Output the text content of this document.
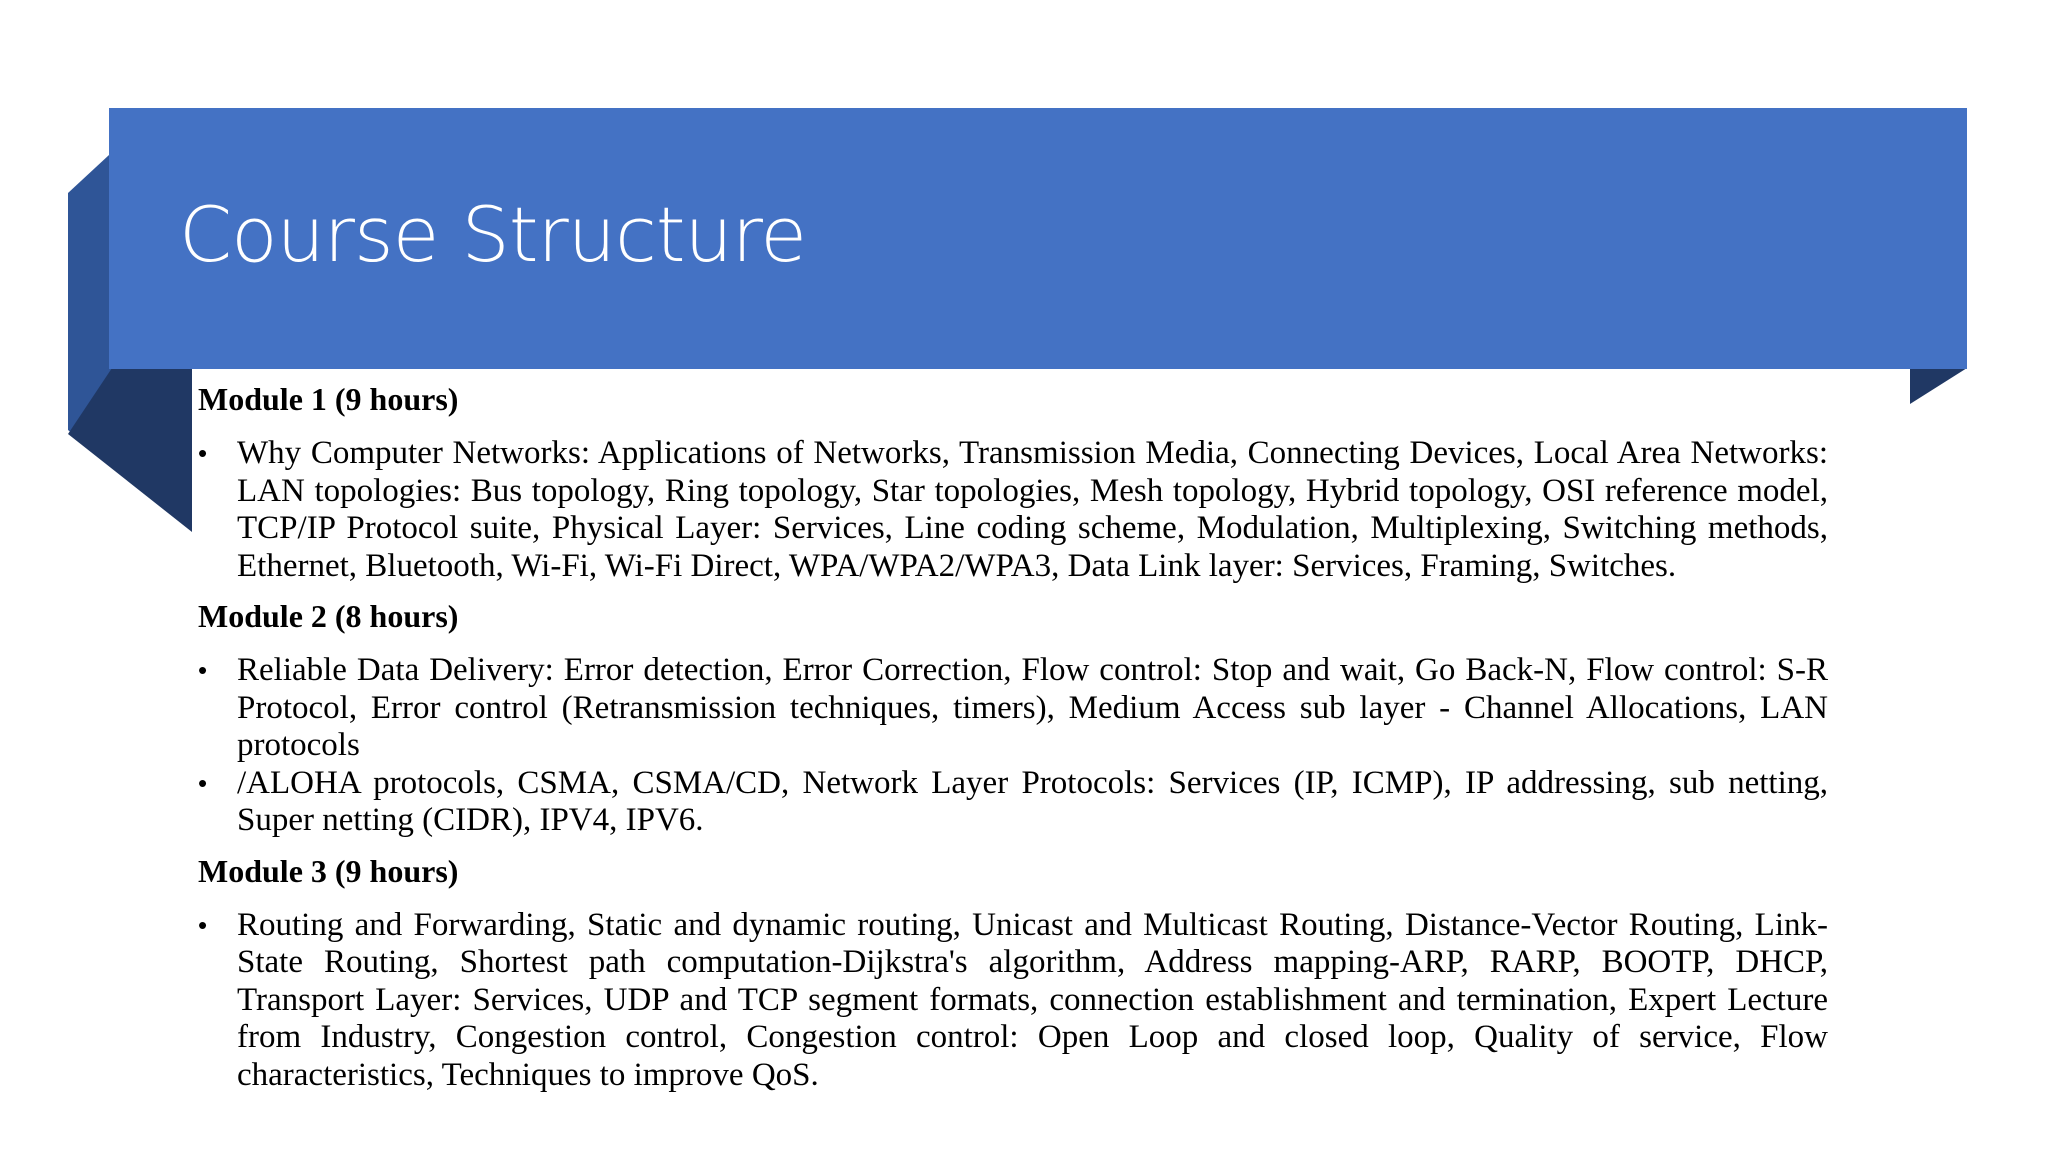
Course Structure

Module 1 (9 hours)

• Why Computer Networks: Applications of Networks, Transmission Media, Connecting Devices, Local Area Networks: LAN topologies: Bus topology, Ring topology, Star topologies, Mesh topology, Hybrid topology, OSI reference model, TCP/IP Protocol suite, Physical Layer: Services, Line coding scheme, Modulation, Multiplexing, Switching methods, Ethernet, Bluetooth, Wi-Fi, Wi-Fi Direct, WPA/WPA2/WPA3, Data Link layer: Services, Framing, Switches.

Module 2 (8 hours)

• Reliable Data Delivery: Error detection, Error Correction, Flow control: Stop and wait, Go Back-N, Flow control: S-R Protocol, Error control (Retransmission techniques, timers), Medium Access sub layer - Channel Allocations, LAN protocols
• /ALOHA protocols, CSMA, CSMA/CD, Network Layer Protocols: Services (IP, ICMP), IP addressing, sub netting, Super netting (CIDR), IPV4, IPV6.

Module 3 (9 hours)

• Routing and Forwarding, Static and dynamic routing, Unicast and Multicast Routing, Distance-Vector Routing, Link-State Routing, Shortest path computation-Dijkstra's algorithm, Address mapping-ARP, RARP, BOOTP, DHCP, Transport Layer: Services, UDP and TCP segment formats, connection establishment and termination, Expert Lecture from Industry, Congestion control, Congestion control: Open Loop and closed loop, Quality of service, Flow characteristics, Techniques to improve QoS.
